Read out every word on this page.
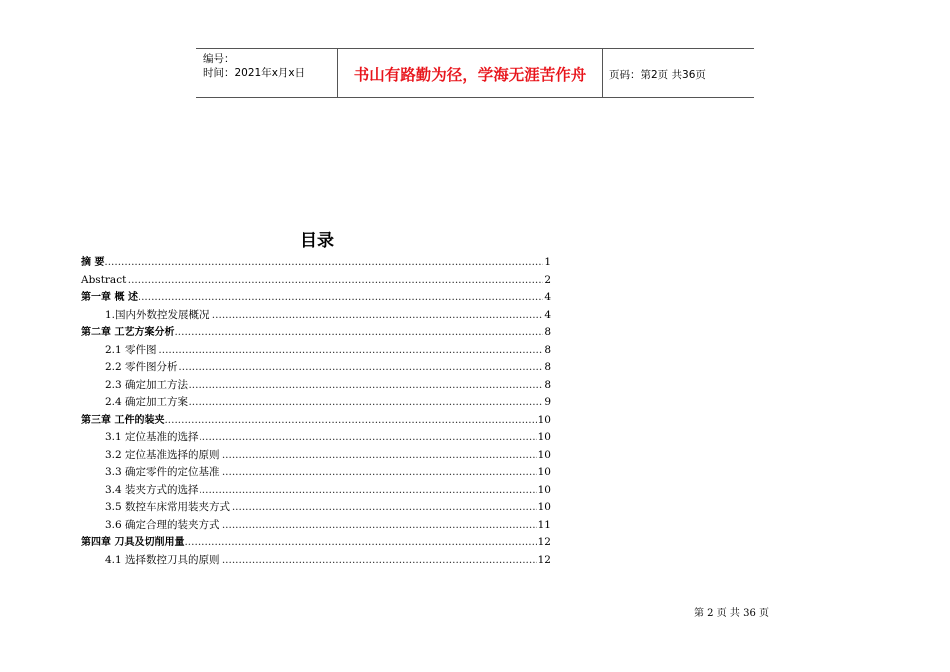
编号：
时间：2021年x月x日	书山有路勤为径，学海无涯苦作舟	页码：第2页 共36页
目录
.....
摘 要	1
.....
Abstract	2
.....
第一章 概 述	4
.....
1.国内外数控发展概况	4
.....
第二章 工艺方案分析	8
.....
2.1 零件图	8
.....
2.2 零件图分析	8
.....
2.3 确定加工方法	8
.....
2.4 确定加工方案	9
.....
第三章 工件的装夹	10
.....
3.1 定位基准的选择	10
.....
3.2 定位基准选择的原则	10
.....
3.3 确定零件的定位基准	10
.....
3.4 装夹方式的选择	10
.....
3.5 数控车床常用装夹方式	10
.....
3.6 确定合理的装夹方式	11
.....
第四章 刀具及切削用量	12
.....
4.1 选择数控刀具的原则	12
第 2 页 共 36 页
